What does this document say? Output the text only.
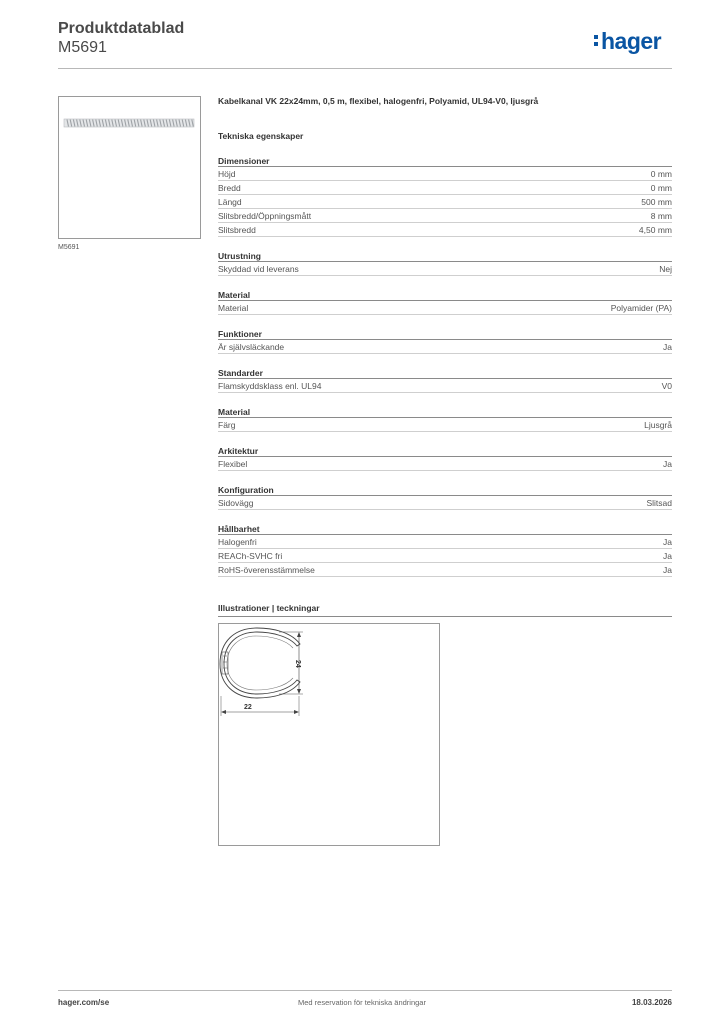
Produktdatablad
M5691	hager
M5691
Kabelkanal VK 22x24mm, 0,5 m, flexibel, halogenfri, Polyamid, UL94-V0, ljusgrå
Tekniska egenskaper
Dimensioner
Höjd	0 mm
Bredd	0 mm
Längd	500 mm
Slitsbredd/Öppningsmått	8 mm
Slitsbredd	4,50 mm
Utrustning
Skyddad vid leverans	Nej
Material
Material	Polyamider (PA)
Funktioner
Är självsläckande	Ja
Standarder
Flamskyddsklass enl. UL94	V0
Material
Färg	Ljusgrå
Arkitektur
Flexibel	Ja
Konfiguration
Sidovägg	Slitsad
Hållbarhet
Halogenfri	Ja
REACh-SVHC fri	Ja
RoHS-överensstämmelse	Ja
Illustrationer | teckningar
24
22
hager.com/se	Med reservation för tekniska ändringar	18.03.2026
